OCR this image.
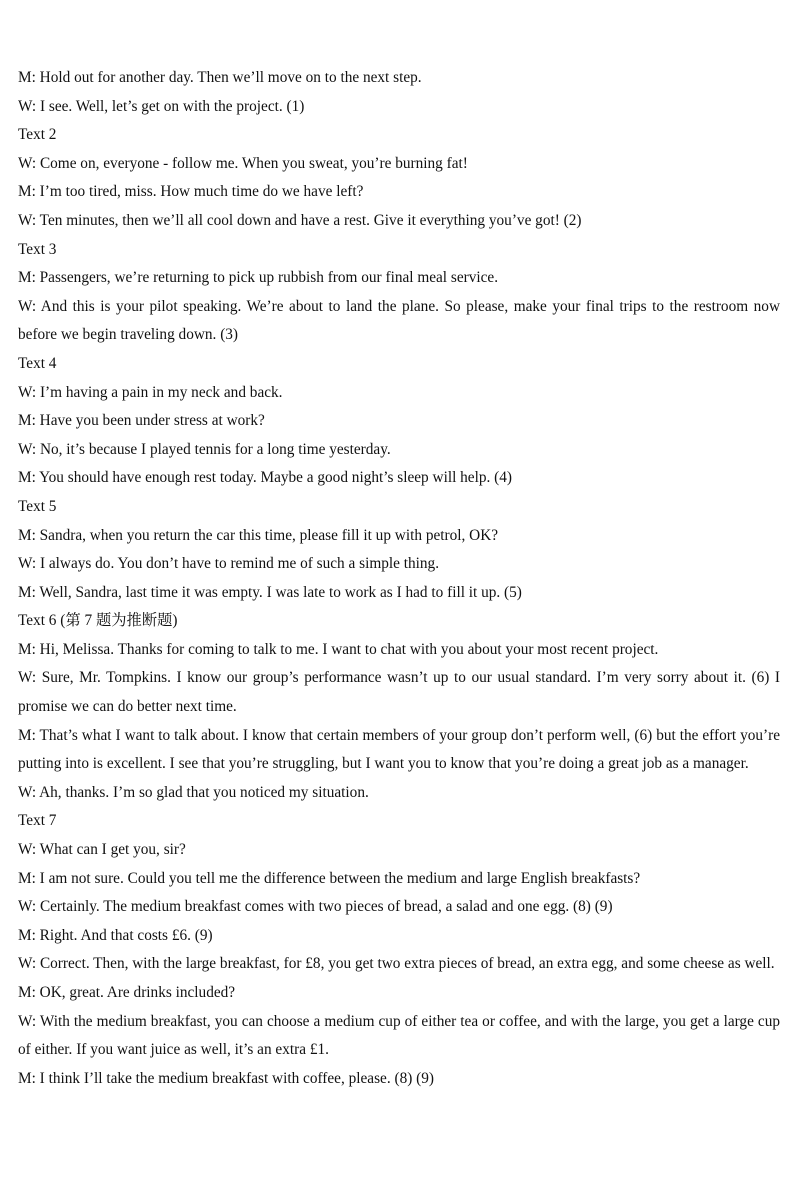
M: Hold out for another day. Then we’ll move on to the next step.

W: I see. Well, let’s get on with the project. (1)

Text 2

W: Come on, everyone - follow me. When you sweat, you’re burning fat!

M: I’m too tired, miss. How much time do we have left?

W: Ten minutes, then we’ll all cool down and have a rest. Give it everything you’ve got! (2)

Text 3

M: Passengers, we’re returning to pick up rubbish from our final meal service.

W: And this is your pilot speaking. We’re about to land the plane. So please, make your final trips to the restroom now before we begin traveling down. (3)

Text 4

W: I’m having a pain in my neck and back.

M: Have you been under stress at work?

W: No, it’s because I played tennis for a long time yesterday.

M: You should have enough rest today. Maybe a good night’s sleep will help. (4)

Text 5

M: Sandra, when you return the car this time, please fill it up with petrol, OK?

W: I always do. You don’t have to remind me of such a simple thing.

M: Well, Sandra, last time it was empty. I was late to work as I had to fill it up. (5)

Text 6 (第 7 题为推断题)

M: Hi, Melissa. Thanks for coming to talk to me. I want to chat with you about your most recent project.

W: Sure, Mr. Tompkins. I know our group’s performance wasn’t up to our usual standard. I’m very sorry about it. (6) I promise we can do better next time.

M: That’s what I want to talk about. I know that certain members of your group don’t perform well, (6) but the effort you’re putting into is excellent. I see that you’re struggling, but I want you to know that you’re doing a great job as a manager.

W: Ah, thanks. I’m so glad that you noticed my situation.

Text 7

W: What can I get you, sir?

M: I am not sure. Could you tell me the difference between the medium and large English breakfasts?

W: Certainly. The medium breakfast comes with two pieces of bread, a salad and one egg. (8) (9)

M: Right. And that costs £6. (9)

W: Correct. Then, with the large breakfast, for £8, you get two extra pieces of bread, an extra egg, and some cheese as well.

M: OK, great. Are drinks included?

W: With the medium breakfast, you can choose a medium cup of either tea or coffee, and with the large, you get a large cup of either. If you want juice as well, it’s an extra £1.

M: I think I’ll take the medium breakfast with coffee, please. (8) (9)
